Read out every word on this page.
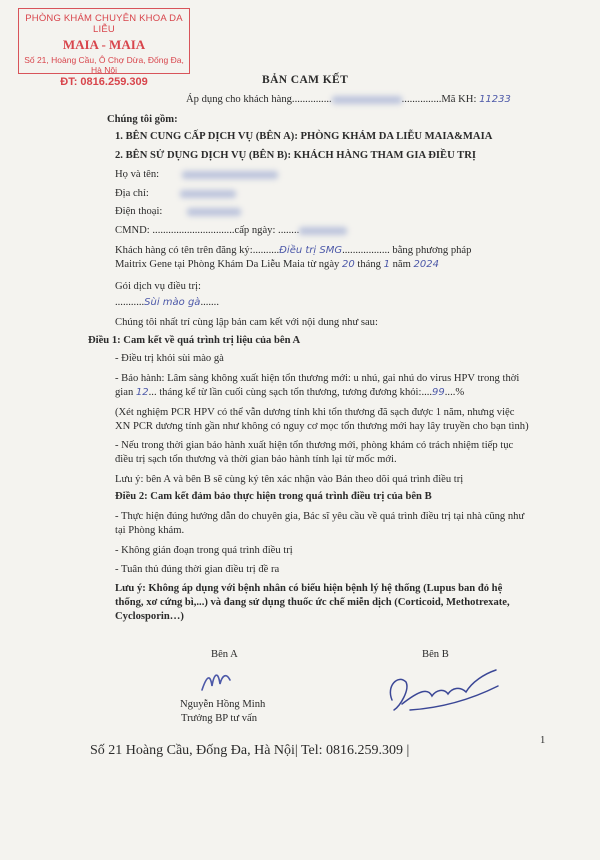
PHÒNG KHÁM CHUYÊN KHOA DA LIỄU
MAIA - MAIA
Số 21, Hoàng Cầu, Ô Chợ Dừa, Đống Đa, Hà Nội
ĐT: 0816.259.309	BẢN CAM KẾT
Áp dụng cho khách hàng...............	...............Mã KH: 11233
Chúng tôi gồm:
1. BÊN CUNG CẤP DỊCH VỤ (BÊN A): PHÒNG KHÁM DA LIỄU MAIA&MAIA
2. BÊN SỬ DỤNG DỊCH VỤ (BÊN B): KHÁCH HÀNG THAM GIA ĐIỀU TRỊ
Họ và tên:
Địa chỉ:
Điện thoại:
CMND: ...............................cấp ngày: ........
Khách hàng có tên trên đăng ký:..........Điều trị SMG.................. bằng phương pháp
Maitrix Gene tại Phòng Khám Da Liễu Maia từ ngày 20 tháng 1 năm 2024
Gói dịch vụ điều trị:
...........Sùi mào gà.......
Chúng tôi nhất trí cùng lập bản cam kết với nội dung như sau:
Điều 1: Cam kết về quá trình trị liệu của bên A
- Điều trị khỏi sùi mào gà
- Bảo hành: Lâm sàng không xuất hiện tổn thương mới: u nhú, gai nhú do virus HPV trong thời
gian 12... tháng kể từ lần cuối cùng sạch tổn thương, tương đương khỏi:....99....%
(Xét nghiệm PCR HPV có thể vẫn dương tính khi tổn thương đã sạch được 1 năm, nhưng việc
XN PCR dương tính gần như không có nguy cơ mọc tổn thương mới hay lây truyền cho bạn tình)
- Nếu trong thời gian bảo hành xuất hiện tổn thương mới, phòng khám có trách nhiệm tiếp tục
điều trị sạch tổn thương và thời gian bảo hành tính lại từ mốc mới.
Lưu ý: bên A và bên B sẽ cùng ký tên xác nhận vào Bản theo dõi quá trình điều trị
Điều 2: Cam kết đảm bảo thực hiện trong quá trình điều trị của bên B
- Thực hiện đúng hướng dẫn do chuyên gia, Bác sĩ yêu cầu về quá trình điều trị tại nhà cũng như
tại Phòng khám.
- Không gián đoạn trong quá trình điều trị
- Tuân thủ đúng thời gian điều trị đề ra
Lưu ý: Không áp dụng với bệnh nhân có biểu hiện bệnh lý hệ thống (Lupus ban đỏ hệ
thống, xơ cứng bì,...) và đang sử dụng thuốc ức chế miễn dịch (Corticoid, Methotrexate,
Cyclosporin…)
Bên A	Bên B
Nguyễn Hồng Minh
Trưởng BP tư vấn
1
Số 21 Hoàng Cầu, Đống Đa, Hà Nội| Tel: 0816.259.309 |
